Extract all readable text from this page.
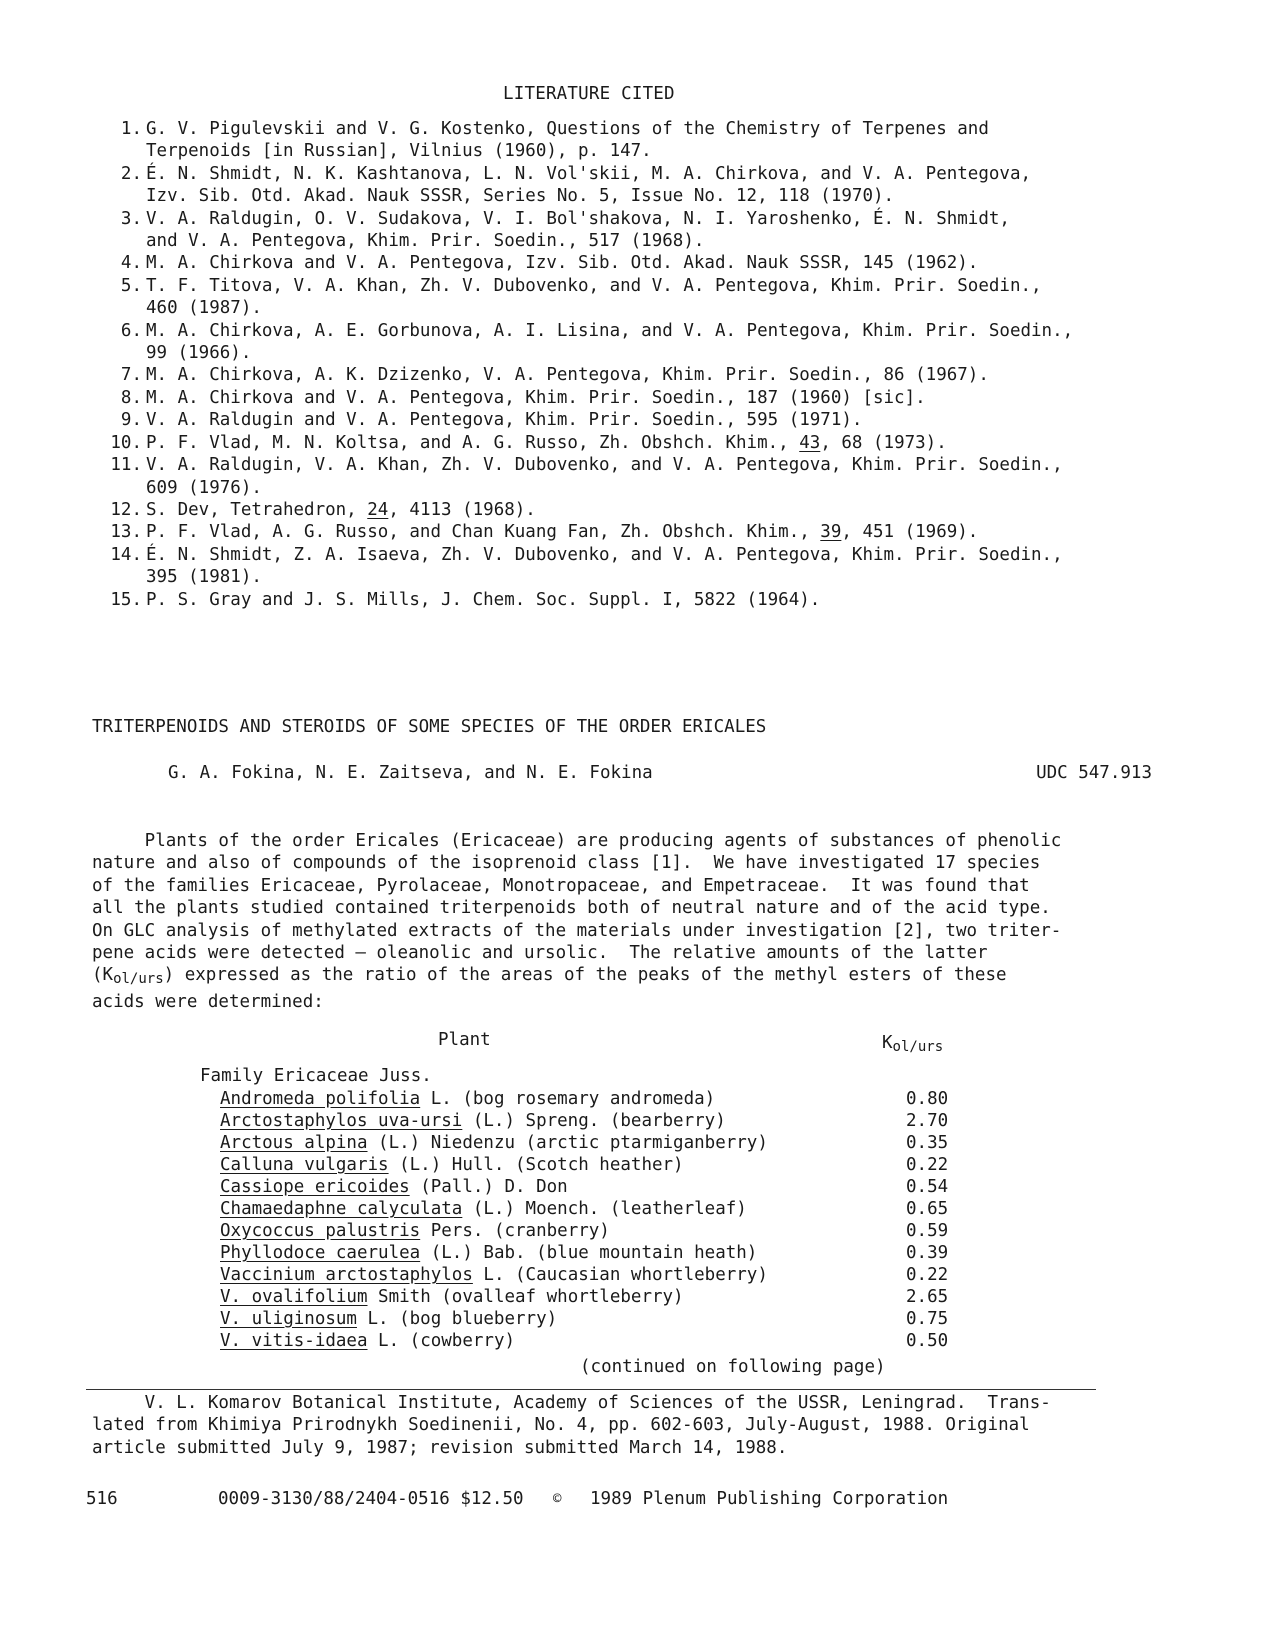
LITERATURE CITED
1. G. V. Pigulevskii and V. G. Kostenko, Questions of the Chemistry of Terpenes and
Terpenoids [in Russian], Vilnius (1960), p. 147.
2. É. N. Shmidt, N. K. Kashtanova, L. N. Vol'skii, M. A. Chirkova, and V. A. Pentegova,
Izv. Sib. Otd. Akad. Nauk SSSR, Series No. 5, Issue No. 12, 118 (1970).
3. V. A. Raldugin, O. V. Sudakova, V. I. Bol'shakova, N. I. Yaroshenko, É. N. Shmidt,
and V. A. Pentegova, Khim. Prir. Soedin., 517 (1968).
4. M. A. Chirkova and V. A. Pentegova, Izv. Sib. Otd. Akad. Nauk SSSR, 145 (1962).
5. T. F. Titova, V. A. Khan, Zh. V. Dubovenko, and V. A. Pentegova, Khim. Prir. Soedin.,
460 (1987).
6. M. A. Chirkova, A. E. Gorbunova, A. I. Lisina, and V. A. Pentegova, Khim. Prir. Soedin.,
99 (1966).
7. M. A. Chirkova, A. K. Dzizenko, V. A. Pentegova, Khim. Prir. Soedin., 86 (1967).
8. M. A. Chirkova and V. A. Pentegova, Khim. Prir. Soedin., 187 (1960) [sic].
9. V. A. Raldugin and V. A. Pentegova, Khim. Prir. Soedin., 595 (1971).
10. P. F. Vlad, M. N. Koltsa, and A. G. Russo, Zh. Obshch. Khim., 43, 68 (1973).
11. V. A. Raldugin, V. A. Khan, Zh. V. Dubovenko, and V. A. Pentegova, Khim. Prir. Soedin.,
609 (1976).
12. S. Dev, Tetrahedron, 24, 4113 (1968).
13. P. F. Vlad, A. G. Russo, and Chan Kuang Fan, Zh. Obshch. Khim., 39, 451 (1969).
14. É. N. Shmidt, Z. A. Isaeva, Zh. V. Dubovenko, and V. A. Pentegova, Khim. Prir. Soedin.,
395 (1981).
15. P. S. Gray and J. S. Mills, J. Chem. Soc. Suppl. I, 5822 (1964).
TRITERPENOIDS AND STEROIDS OF SOME SPECIES OF THE ORDER ERICALES
G. A. Fokina, N. E. Zaitseva, and N. E. Fokina	UDC 547.913
Plants of the order Ericales (Ericaceae) are producing agents of substances of phenolic
nature and also of compounds of the isoprenoid class [1].  We have investigated 17 species
of the families Ericaceae, Pyrolaceae, Monotropaceae, and Empetraceae.  It was found that
all the plants studied contained triterpenoids both of neutral nature and of the acid type.
On GLC analysis of methylated extracts of the materials under investigation [2], two triter-
pene acids were detected — oleanolic and ursolic.  The relative amounts of the latter
$(K_{ol/urs})$ expressed as the ratio of the areas of the peaks of the methyl esters of these
acids were determined:
Plant	$K_{ol/urs}$
Family Ericaceae Juss.
Andromeda polifolia L. (bog rosemary andromeda)	0.80
Arctostaphylos uva-ursi (L.) Spreng. (bearberry)	2.70
Arctous alpina (L.) Niedenzu (arctic ptarmiganberry)	0.35
Calluna vulgaris (L.) Hull. (Scotch heather)	0.22
Cassiope ericoides (Pall.) D. Don	0.54
Chamaedaphne calyculata (L.) Moench. (leatherleaf)	0.65
Oxycoccus palustris Pers. (cranberry)	0.59
Phyllodoce caerulea (L.) Bab. (blue mountain heath)	0.39
Vaccinium arctostaphylos L. (Caucasian whortleberry)	0.22
V. ovalifolium Smith (ovalleaf whortleberry)	2.65
V. uliginosum L. (bog blueberry)	0.75
V. vitis-idaea L. (cowberry)	0.50
(continued on following page)
V. L. Komarov Botanical Institute, Academy of Sciences of the USSR, Leningrad.  Trans-
lated from Khimiya Prirodnykh Soedinenii, No. 4, pp. 602-603, July-August, 1988. Original
article submitted July 9, 1987; revision submitted March 14, 1988.
516	0009-3130/88/2404-0516 $12.50 © 1989 Plenum Publishing Corporation
